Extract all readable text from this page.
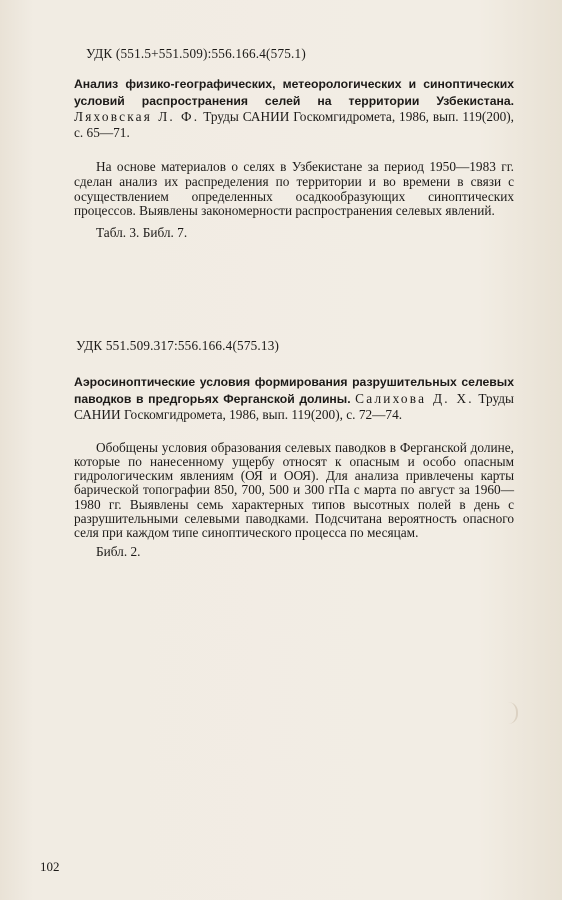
УДК (551.5+551.509):556.166.4(575.1)

Анализ физико-географических, метеорологических и синоптических условий распространения селей на территории Узбекистана. Ляховская Л. Ф. Труды САНИИ Госкомгидромета, 1986, вып. 119(200), с. 65—71.

На основе материалов о селях в Узбекистане за период 1950—1983 гг. сделан анализ их распределения по территории и во времени в связи с осуществлением определенных осадкообразующих синоптических процессов. Выявлены закономерности распространения селевых явлений.

Табл. 3. Библ. 7.
УДК 551.509.317:556.166.4(575.13)

Аэросиноптические условия формирования разрушительных селевых паводков в предгорьях Ферганской долины. Салихова Д. Х. Труды САНИИ Госкомгидромета, 1986, вып. 119(200), с. 72—74.

Обобщены условия образования селевых паводков в Ферганской долине, которые по нанесенному ущербу относят к опасным и особо опасным гидрологическим явлениям (ОЯ и ООЯ). Для анализа привлечены карты барической топографии 850, 700, 500 и 300 гПа с марта по август за 1960—1980 гг. Выявлены семь характерных типов высотных полей в день с разрушительными селевыми паводками. Подсчитана вероятность опасного селя при каждом типе синоптического процесса по месяцам.

Библ. 2.
102
